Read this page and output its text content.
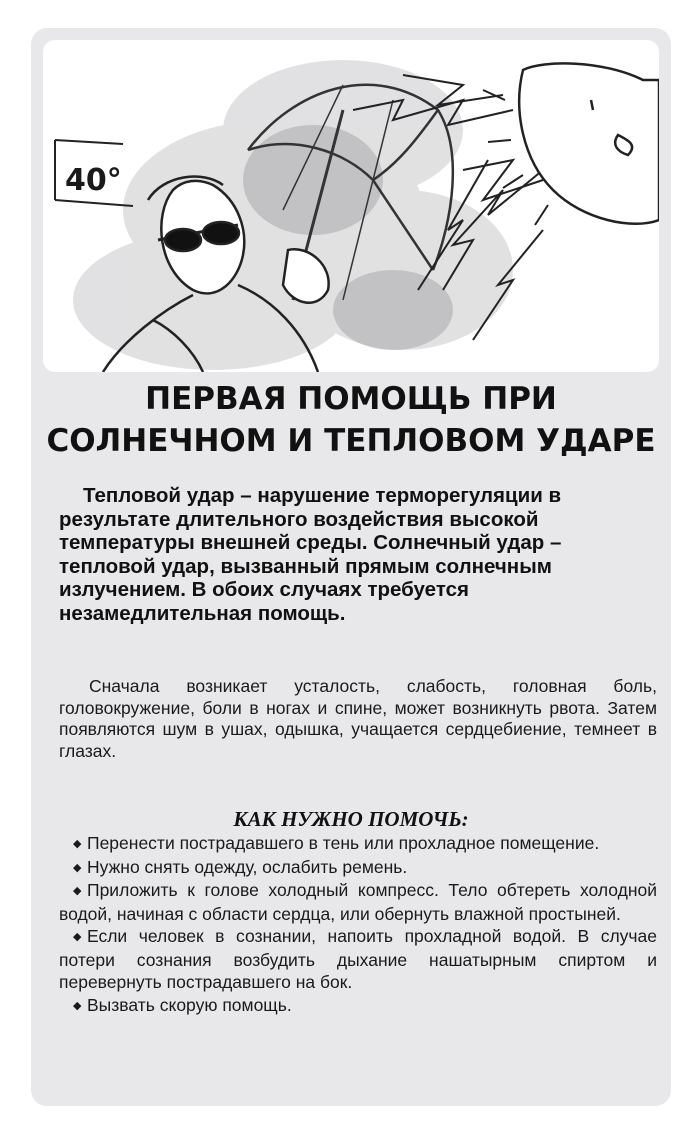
40°
ПЕРВАЯ ПОМОЩЬ ПРИ
СОЛНЕЧНОМ И ТЕПЛОВОМ УДАРЕ

Тепловой удар – нарушение терморегуляции в результате длительного воздействия высокой температуры внешней среды. Солнечный удар – тепловой удар, вызванный прямым солнечным излучением. В обоих случаях требуется незамедлительная помощь.

Сначала возникает усталость, слабость, головная боль, головокружение, боли в ногах и спине, может возникнуть рвота. Затем появляются шум в ушах, одышка, учащается сердцебиение, темнеет в глазах.

КАК НУЖНО ПОМОЧЬ:
◆ Перенести пострадавшего в тень или прохладное помещение.
◆ Нужно снять одежду, ослабить ремень.
◆ Приложить к голове холодный компресс. Тело обтереть холодной водой, начиная с области сердца, или обернуть влажной простыней.
◆ Если человек в сознании, напоить прохладной водой. В случае потери сознания возбудить дыхание нашатырным спиртом и перевернуть пострадавшего на бок.
◆ Вызвать скорую помощь.
